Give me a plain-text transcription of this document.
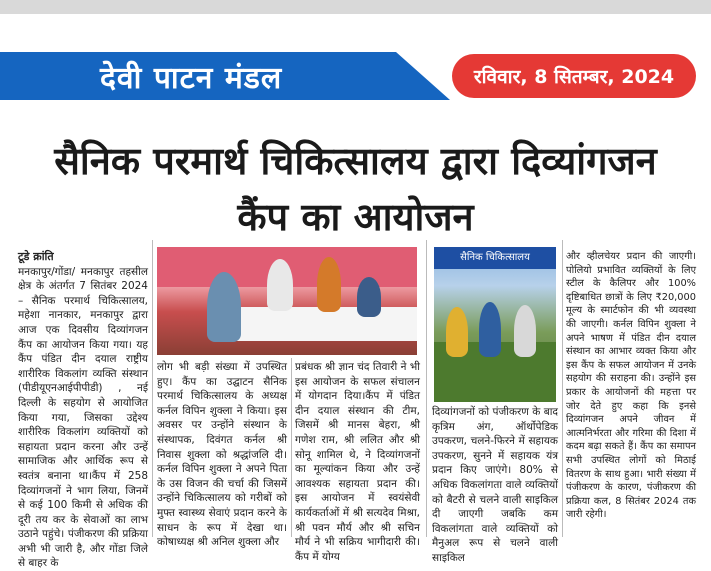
देवी पाटन मंडल	रविवार, 8 सितम्बर, 2024
सैनिक परमार्थ चिकित्सालय द्वारा दिव्यांगजन
कैंप का आयोजन
टूडे क्रांति
मनकापुर/गोंडा/ मनकापुर तहसील क्षेत्र के अंतर्गत 7 सितंबर 2024 – सैनिक परमार्थ चिकित्सालय, महेशा नानकार, मनकापुर द्वारा आज एक दिवसीय दिव्यांगजन कैंप का आयोजन किया गया। यह कैंप पंडित दीन दयाल राष्ट्रीय शारीरिक विकलांग व्यक्ति संस्थान (पीडीयूएनआईपीपीडी) , नई दिल्ली के सहयोग से आयोजित किया गया, जिसका उद्देश्य शारीरिक विकलांग व्यक्तियों को सहायता प्रदान करना और उन्हें सामाजिक और आर्थिक रूप से स्वतंत्र बनाना था।कैंप में 258 दिव्यांगजनों ने भाग लिया, जिनमें से कई 100 किमी से अधिक की दूरी तय कर के सेवाओं का लाभ उठाने पहुंचे। पंजीकरण की प्रक्रिया अभी भी जारी है, और गोंडा जिले से बाहर के
लोग भी बड़ी संख्या में उपस्थित हुए। कैंप का उद्घाटन सैनिक परमार्थ चिकित्सालय के अध्यक्ष कर्नल विपिन शुक्ला ने किया। इस अवसर पर उन्होंने संस्थान के संस्थापक, दिवंगत कर्नल श्री निवास शुक्ला को श्रद्धांजलि दी। कर्नल विपिन शुक्ला ने अपने पिता के उस विजन की चर्चा की जिसमें उन्होंने चिकित्सालय को गरीबों को मुफ्त स्वास्थ्य सेवाएं प्रदान करने के साधन के रूप में देखा था। कोषाध्यक्ष श्री अनिल शुक्ला और
प्रबंधक श्री ज्ञान चंद तिवारी ने भी इस आयोजन के सफल संचालन में योगदान दिया।कैंप में पंडित दीन दयाल संस्थान की टीम, जिसमें श्री मानस बेहरा, श्री गणेश राम, श्री ललित और श्री सोनू शामिल थे, ने दिव्यांगजनों का मूल्यांकन किया और उन्हें आवश्यक सहायता प्रदान की। इस आयोजन में स्वयंसेवी कार्यकर्ताओं में श्री सत्यदेव मिश्रा, श्री पवन मौर्य और श्री सचिन मौर्य ने भी सक्रिय भागीदारी की। कैंप में योग्य
सैनिक चिकित्सालय
दिव्यांगजनों को पंजीकरण के बाद कृत्रिम अंग, ऑर्थोपेडिक उपकरण, चलने-फिरने में सहायक उपकरण, सुनने में सहायक यंत्र प्रदान किए जाएंगे। 80% से अधिक विकलांगता वाले व्यक्तियों को बैटरी से चलने वाली साइकिल दी जाएगी जबकि कम विकलांगता वाले व्यक्तियों को मैनुअल रूप से चलने वाली साइकिल
और व्हीलचेयर प्रदान की जाएगी। पोलियो प्रभावित व्यक्तियों के लिए स्टील के कैलिपर और 100% दृष्टिबाधित छात्रों के लिए ₹20,000 मूल्य के स्मार्टफोन की भी व्यवस्था की जाएगी। कर्नल विपिन शुक्ला ने अपने भाषण में पंडित दीन दयाल संस्थान का आभार व्यक्त किया और इस कैंप के सफल आयोजन में उनके सहयोग की सराहना की। उन्होंने इस प्रकार के आयोजनों की महत्ता पर जोर देते हुए कहा कि इनसे दिव्यांगजन अपने जीवन में आत्मनिर्भरता और गरिमा की दिशा में कदम बढ़ा सकते हैं। कैंप का समापन सभी उपस्थित लोगों को मिठाई वितरण के साथ हुआ। भारी संख्या में पंजीकरण के कारण, पंजीकरण की प्रक्रिया कल, 8 सितंबर 2024 तक जारी रहेगी।
